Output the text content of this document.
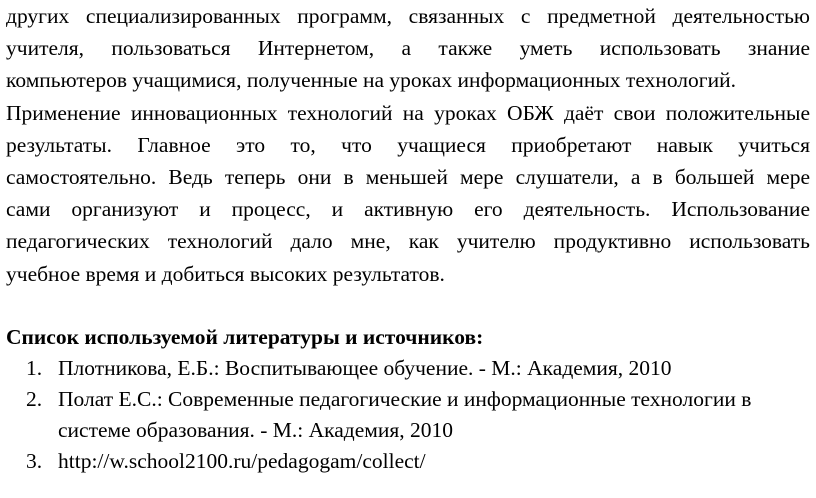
других специализированных программ, связанных с предметной деятельностью
учителя, пользоваться Интернетом, а также уметь использовать знание
компьютеров учащимися, полученные на уроках информационных технологий.

Применение инновационных технологий на уроках ОБЖ даёт свои положительные
результаты. Главное это то, что учащиеся приобретают навык учиться
самостоятельно. Ведь теперь они в меньшей мере слушатели, а в большей мере
сами организуют и процесс, и активную его деятельность. Использование
педагогических технологий дало мне, как учителю продуктивно использовать
учебное время и добиться высоких результатов.

Список используемой литературы и источников:

1. Плотникова, Е.Б.: Воспитывающее обучение. - М.: Академия, 2010
2. Полат Е.С.: Современные педагогические и информационные технологии в
системе образования. - М.: Академия, 2010
3. http://w.school2100.ru/pedagogam/collect/
